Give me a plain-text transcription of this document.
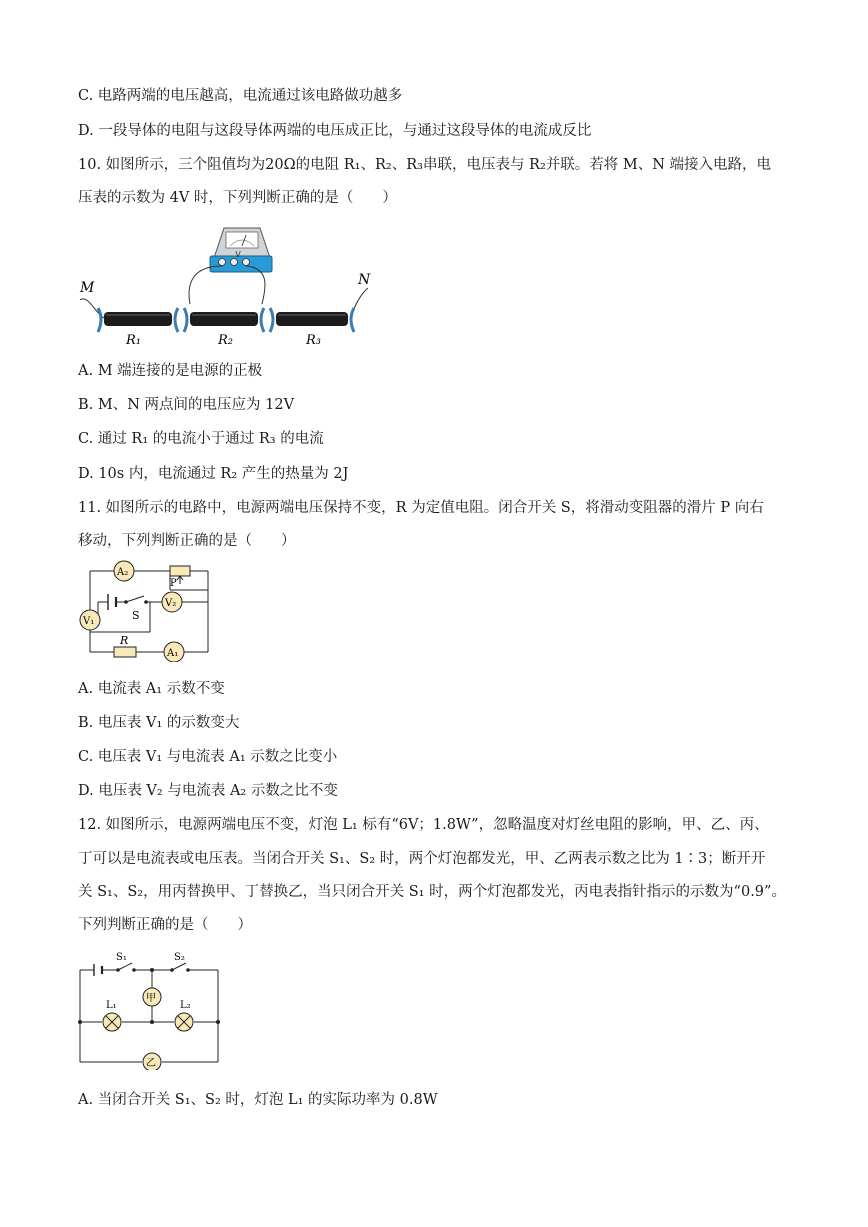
C. 电路两端的电压越高，电流通过该电路做功越多
D. 一段导体的电阻与这段导体两端的电压成正比，与通过这段导体的电流成反比
10. 如图所示，三个阻值均为20Ω的电阻 R₁、R₂、R₃串联，电压表与 R₂并联。若将 M、N 端接入电路，电
压表的示数为 4V 时，下列判断正确的是（　　）
V
M	N
R₁	R₂	R₃
A. M 端连接的是电源的正极
B. M、N 两点间的电压应为 12V
C. 通过 R₁ 的电流小于通过 R₃ 的电流
D. 10s 内，电流通过 R₂ 产生的热量为 2J
11. 如图所示的电路中，电源两端电压保持不变，R 为定值电阻。闭合开关 S，将滑动变阻器的滑片 P 向右
移动，下列判断正确的是（　　）
A₂
V₂
V₁
A₁
P
S
R
A. 电流表 A₁ 示数不变
B. 电压表 V₁ 的示数变大
C. 电压表 V₁ 与电流表 A₁ 示数之比变小
D. 电压表 V₂ 与电流表 A₂ 示数之比不变
12. 如图所示，电源两端电压不变，灯泡 L₁ 标有“6V；1.8W”，忽略温度对灯丝电阻的影响，甲、乙、丙、
丁可以是电流表或电压表。当闭合开关 S₁、S₂ 时，两个灯泡都发光，甲、乙两表示数之比为 1∶3；断开开
关 S₁、S₂，用丙替换甲、丁替换乙，当只闭合开关 S₁ 时，两个灯泡都发光，丙电表指针指示的示数为“0.9”。
下列判断正确的是（　　）
S₁	S₂
甲
乙
L₁	L₂
A. 当闭合开关 S₁、S₂ 时，灯泡 L₁ 的实际功率为 0.8W
